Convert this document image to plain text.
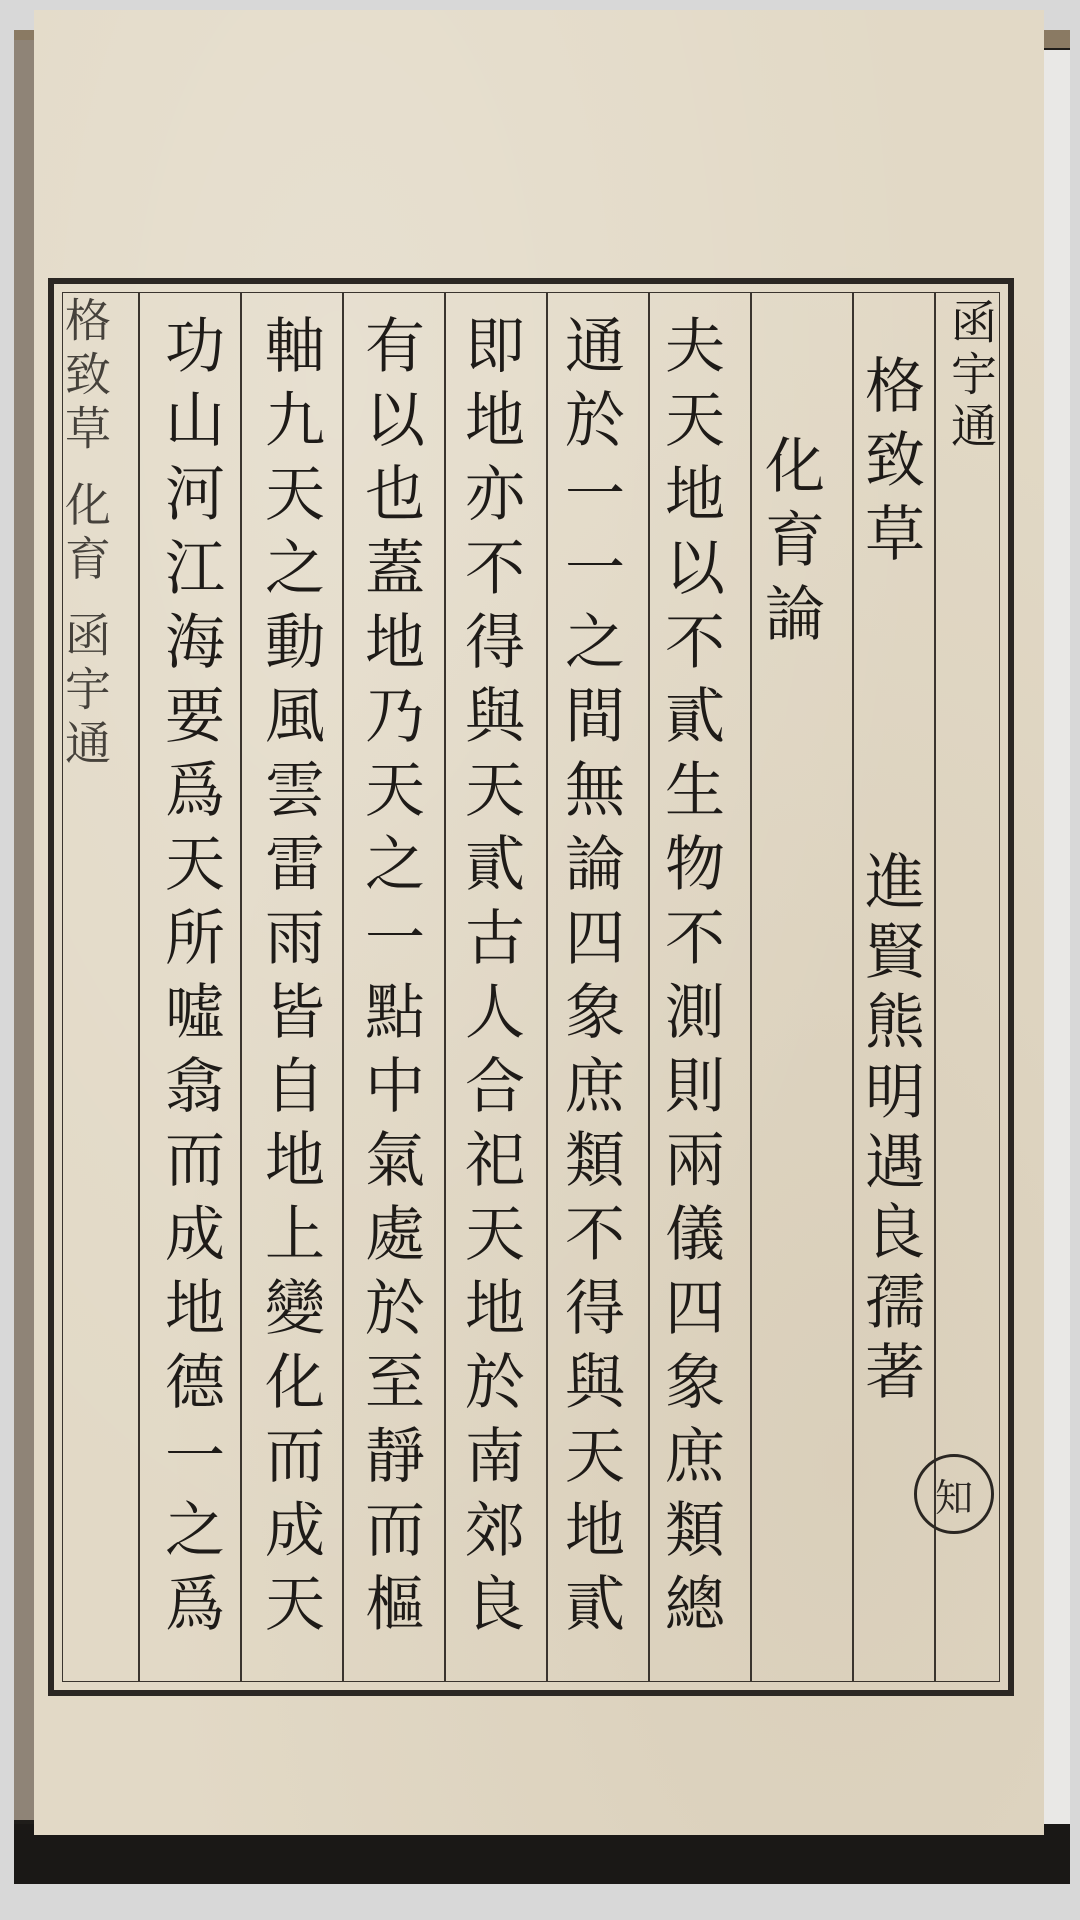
格致草 化育 函宇通	函宇通
格致草
進賢熊明遇良孺著
化育論
夫天地以不貳生物不測則兩儀四象庶類總
通於一一之間無論四象庶類不得與天地貳
即地亦不得與天貳古人合祀天地於南郊良
有以也蓋地乃天之一點中氣處於至靜而樞
軸九天之動風雲雷雨皆自地上變化而成天
功山河江海要爲天所噓翕而成地德一之爲	知
